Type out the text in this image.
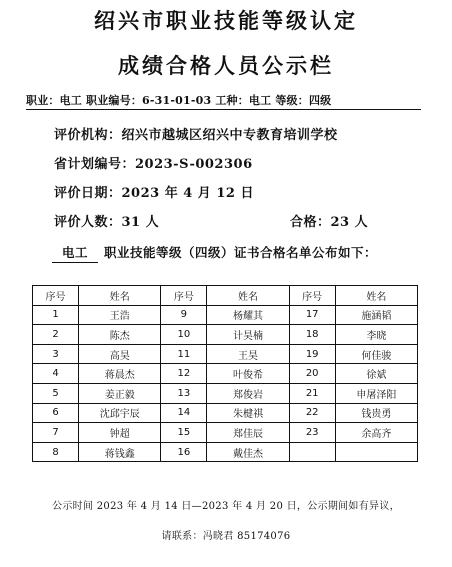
绍兴市职业技能等级认定
成绩合格人员公示栏
职业：电工 职业编号：6-31-01-03 工种：电工 等级：四级
评价机构：绍兴市越城区绍兴中专教育培训学校
省计划编号：2023-S-002306
评价日期：2023 年 4 月 12 日
评价人数：31 人	合格：23 人
电工 职业技能等级（四级）证书合格名单公布如下：
序号	姓名	序号	姓名	序号	姓名
1	王浩	9	杨耀其	17	施涵韬
2	陈杰	10	计昊楠	18	李晓
3	高昊	11	王昊	19	何佳骏
4	蒋晨杰	12	叶俊希	20	徐斌
5	姜正毅	13	郑俊岩	21	申屠泽阳
6	沈邱宇辰	14	朱楗祺	22	钱贵勇
7	钟超	15	郑佳辰	23	余高齐
8	蒋钱鑫	16	戴佳杰		
公示时间 2023 年 4 月 14 日—2023 年 4 月 20 日，公示期间如有异议，
请联系：冯晓君 85174076
